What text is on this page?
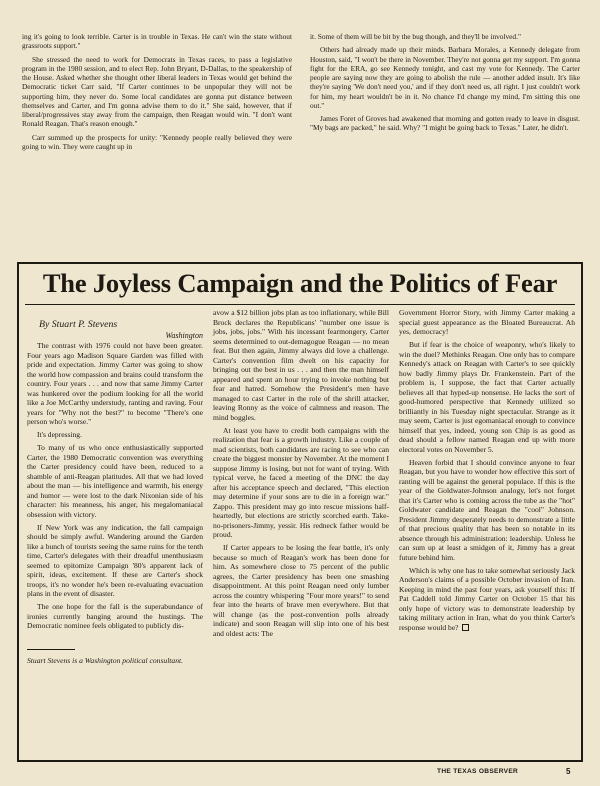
ing it's going to look terrible. Carter is in trouble in Texas. He can't win the state without grassroots support."

She stressed the need to work for Democrats in Texas races, to pass a legislative program in the 1980 session, and to elect Rep. John Bryant, D-Dallas, to the speakership of the House. Asked whether she thought other liberal leaders in Texas would get behind the Democratic ticket Carr said, "If Carter continues to be unpopular they will not be supporting him, they never do. Some local candidates are gonna put distance between themselves and Carter, and I'm gonna advise them to do it." She said, however, that if liberal/progressives stay away from the campaign, then Reagan would win. "I don't want Ronald Reagan. That's reason enough."

Carr summed up the prospects for unity: "Kennedy people really believed they were going to win. They were caught up in

it. Some of them will be bit by the bug though, and they'll be involved."

Others had already made up their minds. Barbara Morales, a Kennedy delegate from Houston, said, "I won't be there in November. They're not gonna get my support. I'm gonna fight for the ERA, go see Kennedy tonight, and cast my vote for Kennedy. The Carter people are saying now they are going to abolish the rule — another added insult. It's like they're saying 'We don't need you,' and if they don't need us, all right. I just couldn't work for him, my heart wouldn't be in it. No chance I'd change my mind, I'm sitting this one out."

James Foret of Groves had awakened that morning and gotten ready to leave in disgust. "My bags are packed," he said. Why? "I might be going back to Texas." Later, he didn't.

The Joyless Campaign and the Politics of Fear
By Stuart P. Stevens
Washington

The contrast with 1976 could not have been greater. Four years ago Madison Square Garden was filled with pride and expectation. Jimmy Carter was going to show the world how compassion and brains could transform the country. Four years . . . and now that same Jimmy Carter was hunkered over the podium looking for all the world like a Joe McCarthy understudy, ranting and raving. Four years for "Why not the best?" to become "There's one person who's worse."

It's depressing.

To many of us who once enthusiastically supported Carter, the 1980 Democratic convention was everything the Carter presidency could have been, reduced to a shamble of anti-Reagan platitudes. All that we had loved about the man — his intelligence and warmth, his energy and humor — were lost to the dark Nixonian side of his character: his meanness, his anger, his megalomaniacal obsession with victory.

If New York was any indication, the fall campaign should be simply awful. Wandering around the Garden like a bunch of tourists seeing the same ruins for the tenth time, Carter's delegates with their dreadful unenthusiasm seemed to epitomize Campaign '80's apparent lack of spirit, ideas, excitement. If these are Carter's shock troops, it's no wonder he's been re-evaluating evacuation plans in the event of disaster.

The one hope for the fall is the superabundance of ironies currently banging around the hustings. The Democratic nominee feels obligated to publicly dis-

Stuart Stevens is a Washington political consultant.

avow a $12 billion jobs plan as too inflationary, while Bill Brock declares the Republicans' "number one issue is jobs, jobs, jobs." With his incessant fearmongery, Carter seems determined to out-demagogue Reagan — no mean feat. But then again, Jimmy always did love a challenge. Carter's convention film dwelt on his capacity for bringing out the best in us . . . and then the man himself appeared and spent an hour trying to invoke nothing but fear and hatred. Somehow the President's men have managed to cast Carter in the role of the shrill attacker, leaving Ronny as the voice of calmness and reason. The mind boggles.

At least you have to credit both campaigns with the realization that fear is a growth industry. Like a couple of mad scientists, both candidates are racing to see who can create the biggest monster by November. At the moment I suppose Jimmy is losing, but not for want of trying. With typical verve, he faced a meeting of the DNC the day after his acceptance speech and declared, "This election may determine if your sons are to die in a foreign war." Zappo. This president may go into rescue missions half-heartedly, but elections are strictly scorched earth. Take-no-prisoners-Jimmy, yessir. His redneck father would be proud.

If Carter appears to be losing the fear battle, it's only because so much of Reagan's work has been done for him. As somewhere close to 75 percent of the public agrees, the Carter presidency has been one smashing disappointment. At this point Reagan need only lumber across the country whispering "Four more years!" to send fear into the hearts of brave men everywhere. But that will change (as the post-convention polls already indicate) and soon Reagan will slip into one of his best and oldest acts: The

Government Horror Story, with Jimmy Carter making a special guest appearance as the Bloated Bureaucrat. Ah yes, democracy!

But if fear is the choice of weaponry, who's likely to win the duel? Methinks Reagan. One only has to compare Kennedy's attack on Reagan with Carter's to see quickly how badly Jimmy plays Dr. Frankenstein. Part of the problem is, I suppose, the fact that Carter actually believes all that hyped-up nonsense. He lacks the sort of good-humored perspective that Kennedy utilized so brilliantly in his Tuesday night spectacular. Strange as it may seem, Carter is just egomaniacal enough to convince himself that yes, indeed, young son Chip is as good as dead should a fellow named Reagan end up with more electoral votes on November 5.

Heaven forbid that I should convince anyone to fear Reagan, but you have to wonder how effective this sort of ranting will be against the general populace. If this is the year of the Goldwater-Johnson analogy, let's not forget that it's Carter who is coming across the tube as the "hot" Goldwater candidate and Reagan the "cool" Johnson. President Jimmy desperately needs to demonstrate a little of that precious quality that has been so notable in its absence through his administration: leadership. Unless he can sum up at least a smidgen of it, Jimmy has a great future behind him.

Which is why one has to take somewhat seriously Jack Anderson's claims of a possible October invasion of Iran. Keeping in mind the past four years, ask yourself this: If Pat Caddell told Jimmy Carter on October 15 that his only hope of victory was to demonstrate leadership by taking military action in Iran, what do you think Carter's response would be?

THE TEXAS OBSERVER	5
